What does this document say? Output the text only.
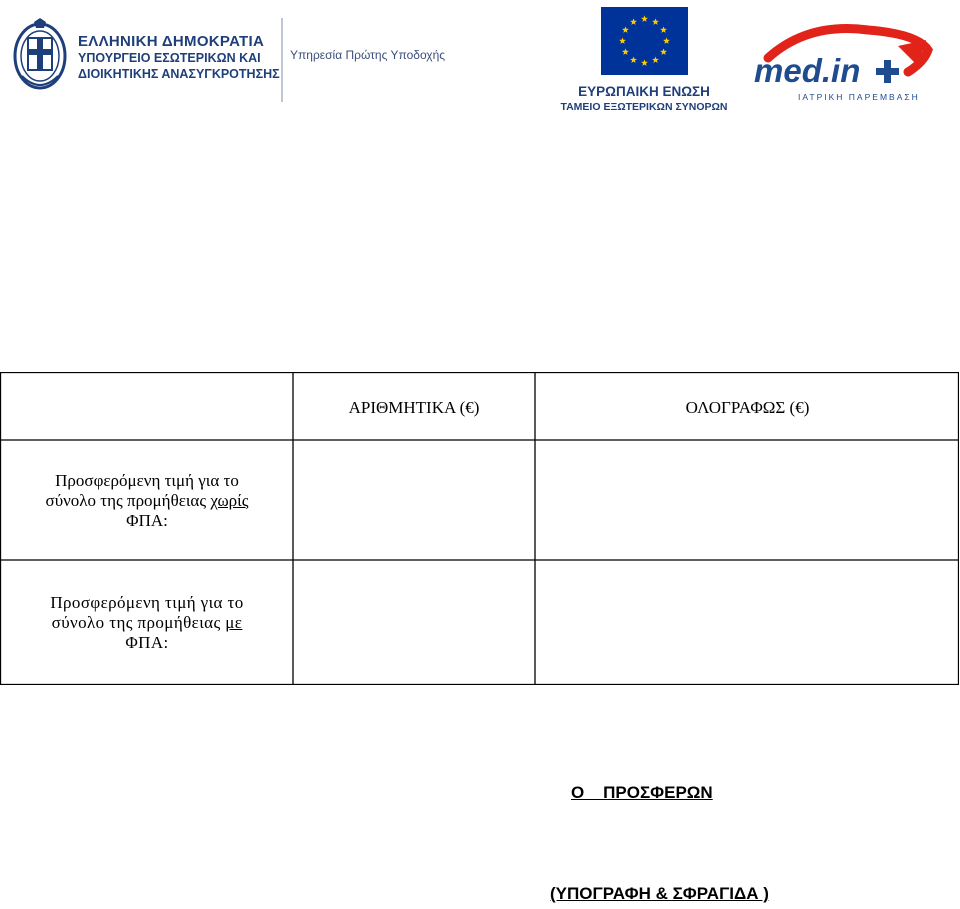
ΕΛΛΗΝΙΚΗ ΔΗΜΟΚΡΑΤΙΑ
ΥΠΟΥΡΓΕΙΟ ΕΣΩΤΕΡΙΚΩΝ ΚΑΙ
ΔΙΟΙΚΗΤΙΚΗΣ ΑΝΑΣΥΓΚΡΟΤΗΣΗΣ
Υπηρεσία Πρώτης Υποδοχής
ΕΥΡΩΠΑΙΚΗ ΕΝΩΣΗ
ΤΑΜΕΙΟ ΕΞΩΤΕΡΙΚΩΝ ΣΥΝΟΡΩΝ
med.in
ΙΑΤΡΙΚΗ ΠΑΡΕΜΒΑΣΗ
ΑΡΙΘΜΗΤΙΚΑ (€)	ΟΛΟΓΡΑΦΩΣ (€)
Προσφερόμενη τιμή για το
σύνολο της προμήθειας χωρίς
ΦΠΑ:
Προσφερόμενη τιμή για το
σύνολο της προμήθειας με
ΦΠΑ:
Ο    ΠΡΟΣΦΕΡΩΝ
(ΥΠΟΓΡΑΦΗ & ΣΦΡΑΓΙΔΑ )
